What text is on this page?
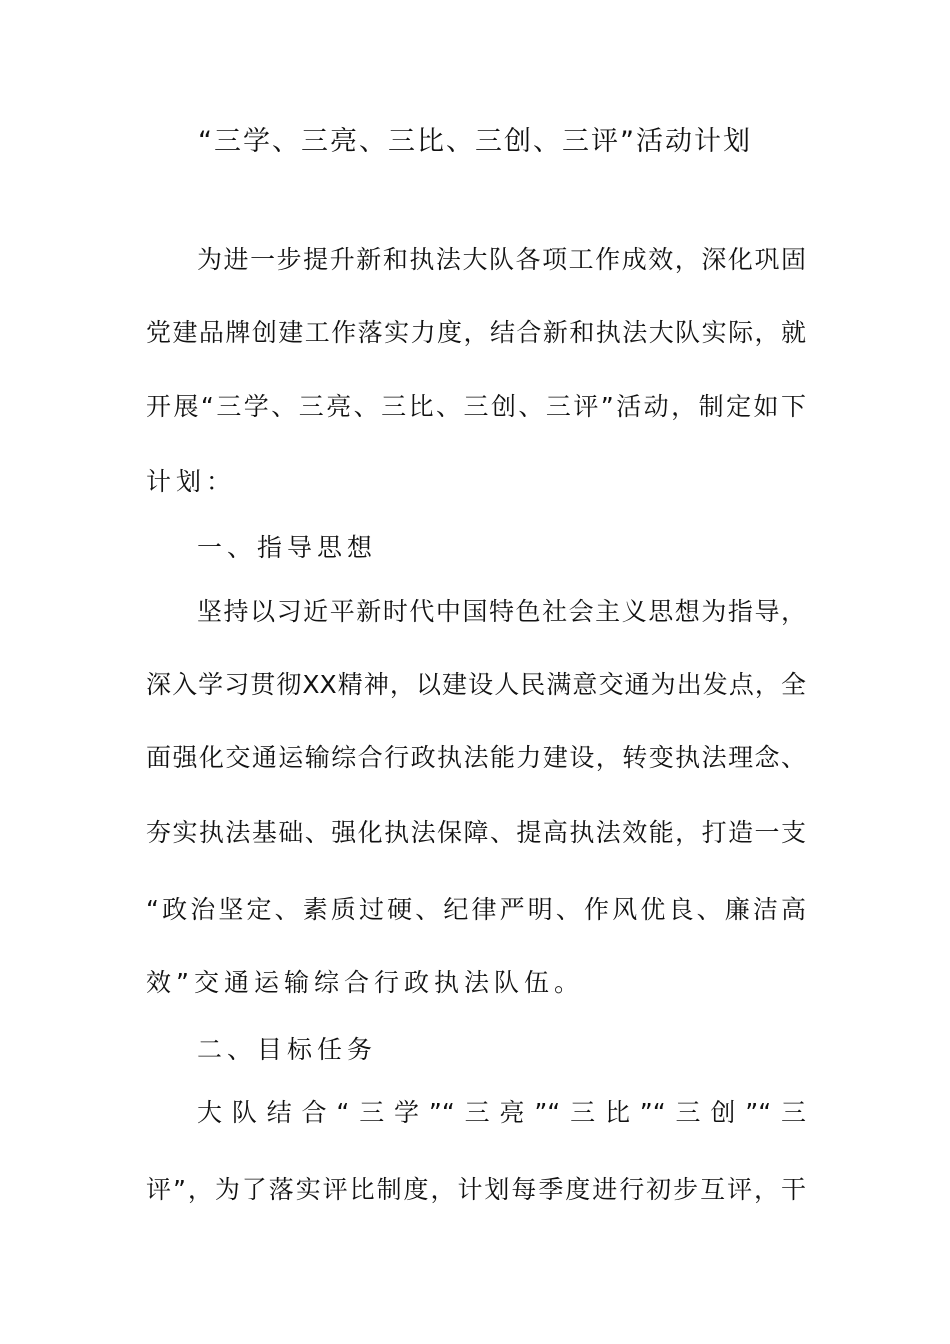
“三学、三亮、三比、三创、三评”活动计划
为进一步提升新和执法大队各项工作成效，深化巩固
党建品牌创建工作落实力度，结合新和执法大队实际，就
开展“三学、三亮、三比、三创、三评”活动，制定如下
计划：
一、指导思想
坚持以习近平新时代中国特色社会主义思想为指导，
深入学习贯彻XX精神，以建设人民满意交通为出发点，全
面强化交通运输综合行政执法能力建设，转变执法理念、
夯实执法基础、强化执法保障、提高执法效能，打造一支
“政治坚定、素质过硬、纪律严明、作风优良、廉洁高
效”交通运输综合行政执法队伍。
二、目标任务
大队结合“三学”“三亮”“三比”“三创”“三
评”，为了落实评比制度，计划每季度进行初步互评，干
